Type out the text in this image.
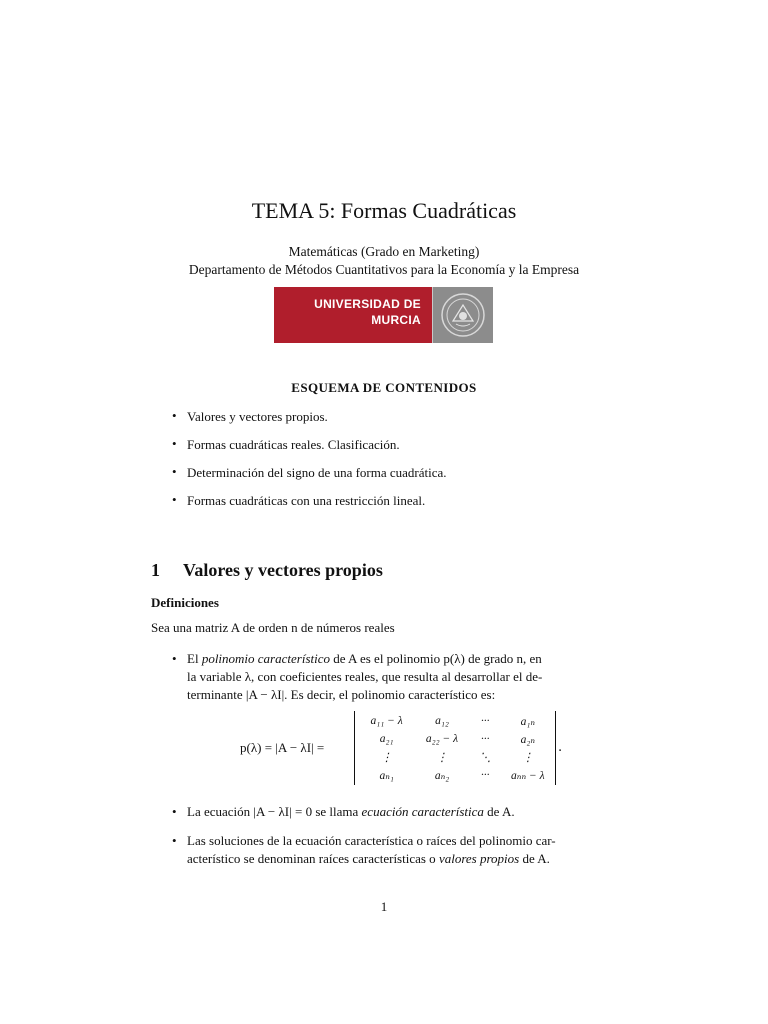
TEMA 5: Formas Cuadráticas
Matemáticas (Grado en Marketing)
Departamento de Métodos Cuantitativos para la Economía y la Empresa
UNIVERSIDAD DE
MURCIA
ESQUEMA DE CONTENIDOS
• Valores y vectores propios.
• Formas cuadráticas reales. Clasificación.
• Determinación del signo de una forma cuadrática.
• Formas cuadráticas con una restricción lineal.
1 Valores y vectores propios
Definiciones
Sea una matriz A de orden n de números reales
• El polinomio característico de A es el polinomio p(λ) de grado n, en
la variable λ, con coeficientes reales, que resulta al desarrollar el de-
terminante |A − λI|. Es decir, el polinomio característico es:
p(λ) = |A − λI| =
a₁₁ − λ	a₁₂	···	a₁ₙ
a₂₁	a₂₂ − λ	···	a₂ₙ
⋮	⋮	⋱	⋮
aₙ₁	aₙ₂	···	aₙₙ − λ
.
• La ecuación |A − λI| = 0 se llama ecuación característica de A.
• Las soluciones de la ecuación característica o raíces del polinomio car-
acterístico se denominan raíces características o valores propios de A.
1
